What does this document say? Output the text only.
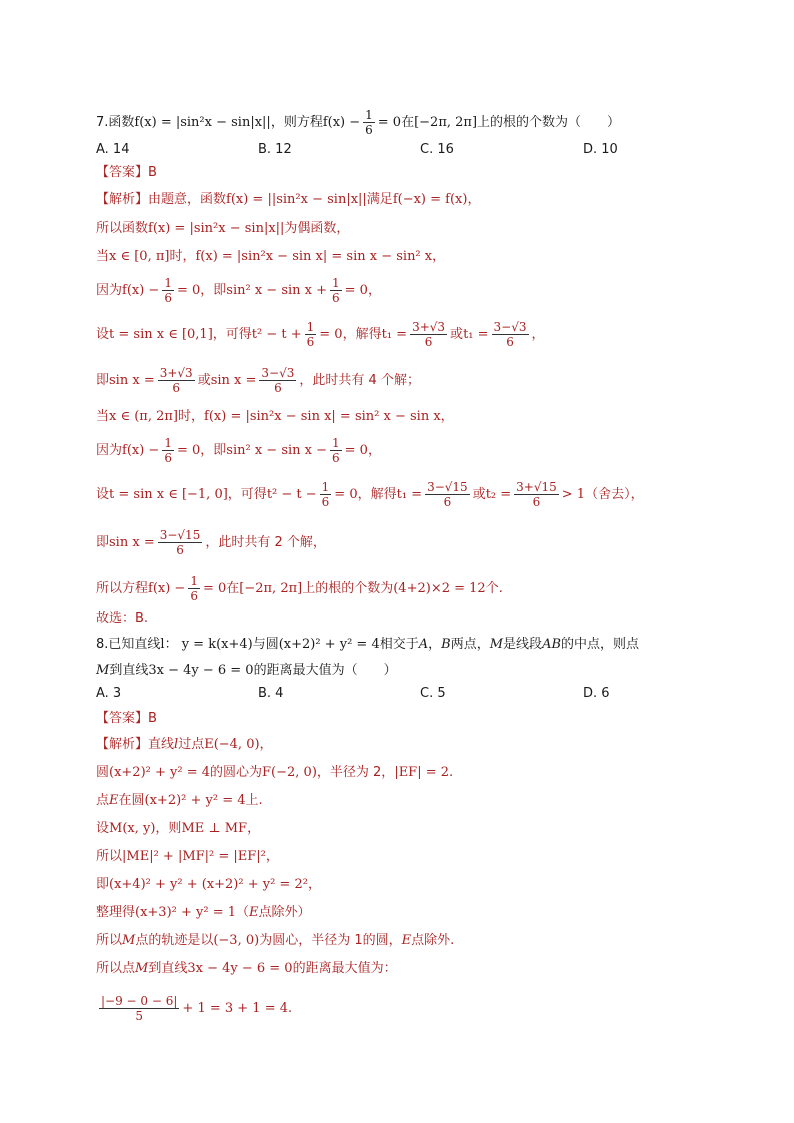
7.函数f(x) = |sin²x − sin|x||，则方程$f(x) - \frac{1}{6} = 0$在[−2π, 2π]上的根的个数为（　　）
A. 14	B. 12	C. 16	D. 10
【答案】B
【解析】由题意，函数f(x) = ||sin²x − sin|x||满足f(−x) = f(x)，
所以函数f(x) = |sin²x − sin|x||为偶函数，
当x ∈ [0, π]时，f(x) = |sin²x − sin x| = sin x − sin² x，
因为$f(x) - \frac{1}{6} = 0$，即sin² $x - \sin x + \frac{1}{6} = 0$，
设t = sin x ∈ [0,1]，可得$t^2 - t + \frac{1}{6} = 0$，解得$t_1 = \frac{3+√3}{6}$ 或$t_1 = \frac{3-√3}{6}$ ，
即$\sin x = \frac{3+√3}{6}$ 或$\sin x = \frac{3-√3}{6}$ ，此时共有 4 个解；
当x ∈ (π, 2π]时，f(x) = |sin²x − sin x| = sin² x − sin x，
因为$f(x) - \frac{1}{6} = 0$，即sin² $x - \sin x - \frac{1}{6} = 0$，
设t = sin x ∈ [−1, 0]，可得$t^2 - t - \frac{1}{6} = 0$，解得$t_1 = \frac{3-√15}{6}$ 或$t_2 = \frac{3+√15}{6} > 1$（舍去），
即$\sin x = \frac{3-√15}{6}$ ，此时共有 2 个解，
所以方程$f(x) - \frac{1}{6} = 0$在[−2π, 2π]上的根的个数为(4+2)×2 = 12个.
故选：B.
8.已知直线l： y = k(x+4)与圆(x+2)² + y² = 4相交于A，B两点，M是线段AB的中点，则点
M到直线3x − 4y − 6 = 0的距离最大值为（　　）
A. 3	B. 4	C. 5	D. 6
【答案】B
【解析】直线l过点E(−4, 0)，
圆(x+2)² + y² = 4的圆心为F(−2, 0)，半径为 2，|EF| = 2.
点E在圆(x+2)² + y² = 4上.
设M(x, y)，则ME ⊥ MF，
所以|ME|² + |MF|² = |EF|²，
即(x+4)² + y² + (x+2)² + y² = 2²，
整理得(x+3)² + y² = 1（E点除外）
所以M点的轨迹是以(−3, 0)为圆心，半径为 1的圆，E点除外.
所以点M到直线3x − 4y − 6 = 0的距离最大值为：
$\frac{|-9 - 0 - 6|}{5} + 1 = 3 + 1 = 4$.
